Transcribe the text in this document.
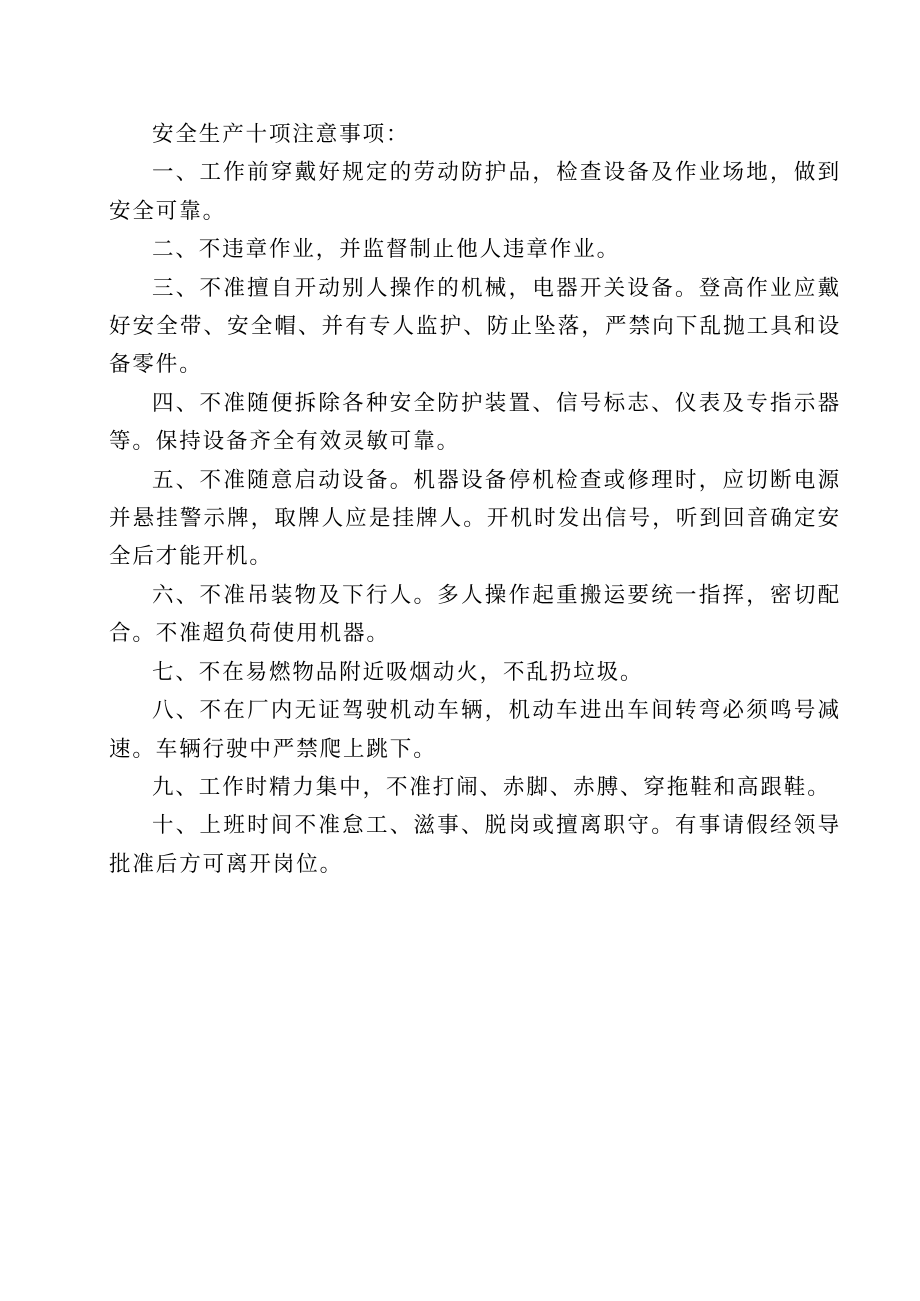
安全生产十项注意事项：

一、工作前穿戴好规定的劳动防护品，检查设备及作业场地，做到安全可靠。

二、不违章作业，并监督制止他人违章作业。

三、不准擅自开动别人操作的机械，电器开关设备。登高作业应戴好安全带、安全帽、并有专人监护、防止坠落，严禁向下乱抛工具和设备零件。

四、不准随便拆除各种安全防护装置、信号标志、仪表及专指示器等。保持设备齐全有效灵敏可靠。

五、不准随意启动设备。机器设备停机检查或修理时，应切断电源并悬挂警示牌，取牌人应是挂牌人。开机时发出信号，听到回音确定安全后才能开机。

六、不准吊装物及下行人。多人操作起重搬运要统一指挥，密切配合。不准超负荷使用机器。

七、不在易燃物品附近吸烟动火，不乱扔垃圾。

八、不在厂内无证驾驶机动车辆，机动车进出车间转弯必须鸣号减速。车辆行驶中严禁爬上跳下。

九、工作时精力集中，不准打闹、赤脚、赤膊、穿拖鞋和高跟鞋。

十、上班时间不准怠工、滋事、脱岗或擅离职守。有事请假经领导批准后方可离开岗位。
